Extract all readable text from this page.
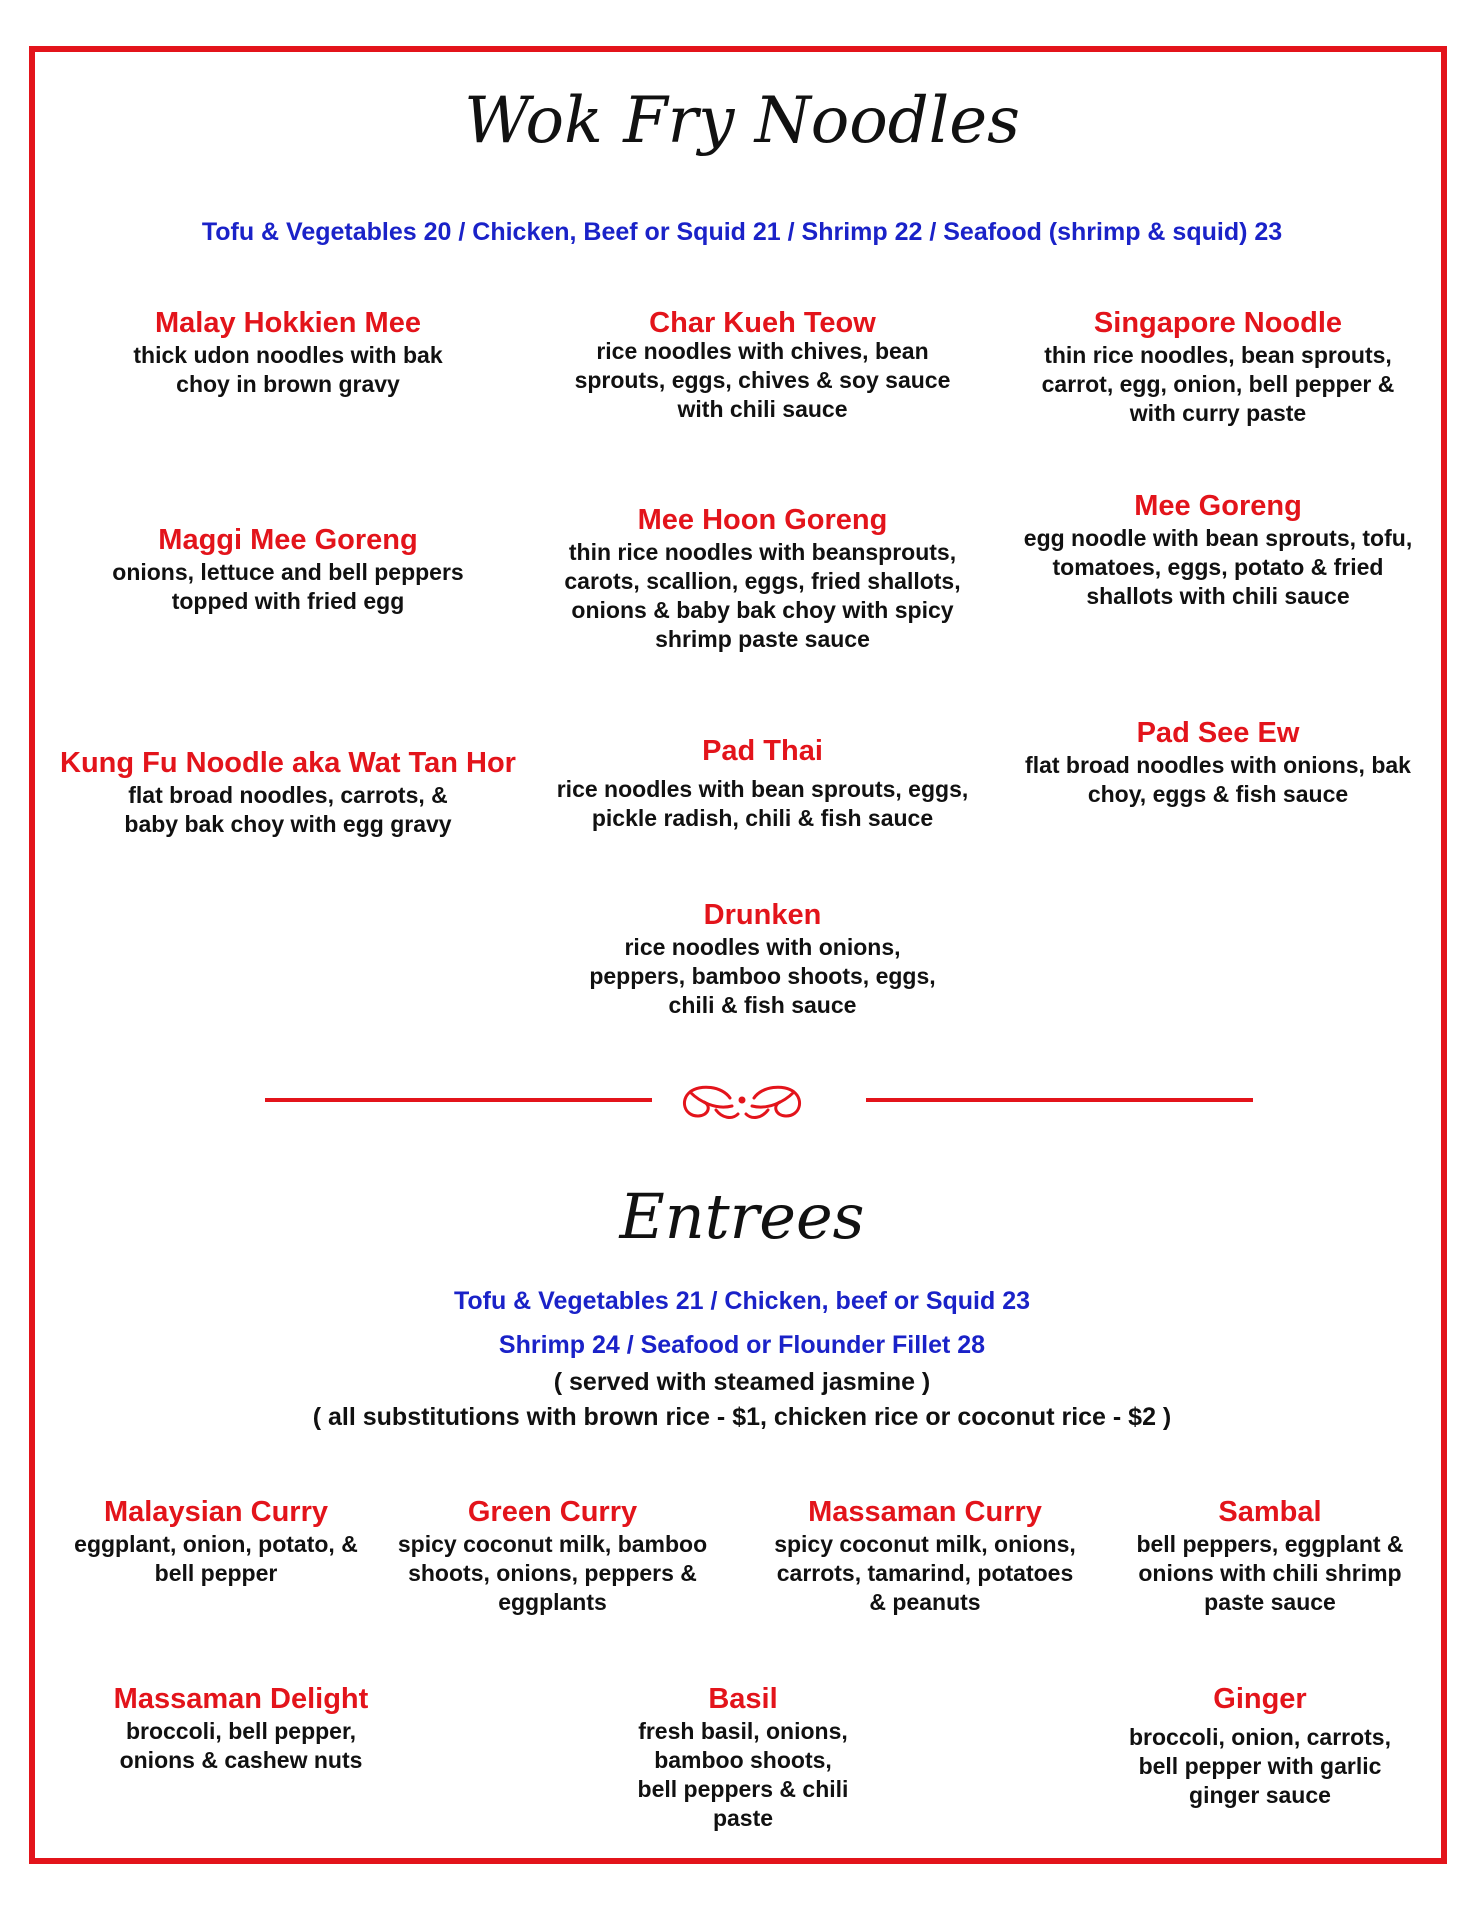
Wok Fry Noodles
Tofu & Vegetables 20 / Chicken, Beef or Squid 21 / Shrimp 22 / Seafood (shrimp & squid) 23
Malay Hokkien Mee
thick udon noodles with bak choy in brown gravy
Char Kueh Teow
rice noodles with chives, bean sprouts, eggs, chives & soy sauce with chili sauce
Singapore Noodle
thin rice noodles, bean sprouts, carrot, egg, onion, bell pepper & with curry paste
Maggi Mee Goreng
onions, lettuce and bell peppers topped with fried egg
Mee Hoon Goreng
thin rice noodles with beansprouts, carots, scallion, eggs, fried shallots, onions & baby bak choy with spicy shrimp paste sauce
Mee Goreng
egg noodle with bean sprouts, tofu, tomatoes, eggs, potato & fried shallots with chili sauce
Kung Fu Noodle aka Wat Tan Hor
flat broad noodles, carrots, & baby bak choy with egg gravy
Pad Thai
rice noodles with bean sprouts, eggs, pickle radish, chili & fish sauce
Pad See Ew
flat broad noodles with onions, bak choy, eggs & fish sauce
Drunken
rice noodles with onions, peppers, bamboo shoots, eggs, chili & fish sauce
Entrees
Tofu & Vegetables 21 / Chicken, beef or Squid 23
Shrimp 24 / Seafood or Flounder Fillet 28
( served with steamed jasmine )
( all substitutions with brown rice - $1, chicken rice or coconut rice - $2 )
Malaysian Curry
eggplant, onion, potato, & bell pepper
Green Curry
spicy coconut milk, bamboo shoots, onions, peppers & eggplants
Massaman Curry
spicy coconut milk, onions, carrots, tamarind, potatoes & peanuts
Sambal
bell peppers, eggplant & onions with chili shrimp paste sauce
Massaman Delight
broccoli, bell pepper, onions & cashew nuts
Basil
fresh basil, onions, bamboo shoots, bell peppers & chili paste
Ginger
broccoli, onion, carrots, bell pepper with garlic ginger sauce
